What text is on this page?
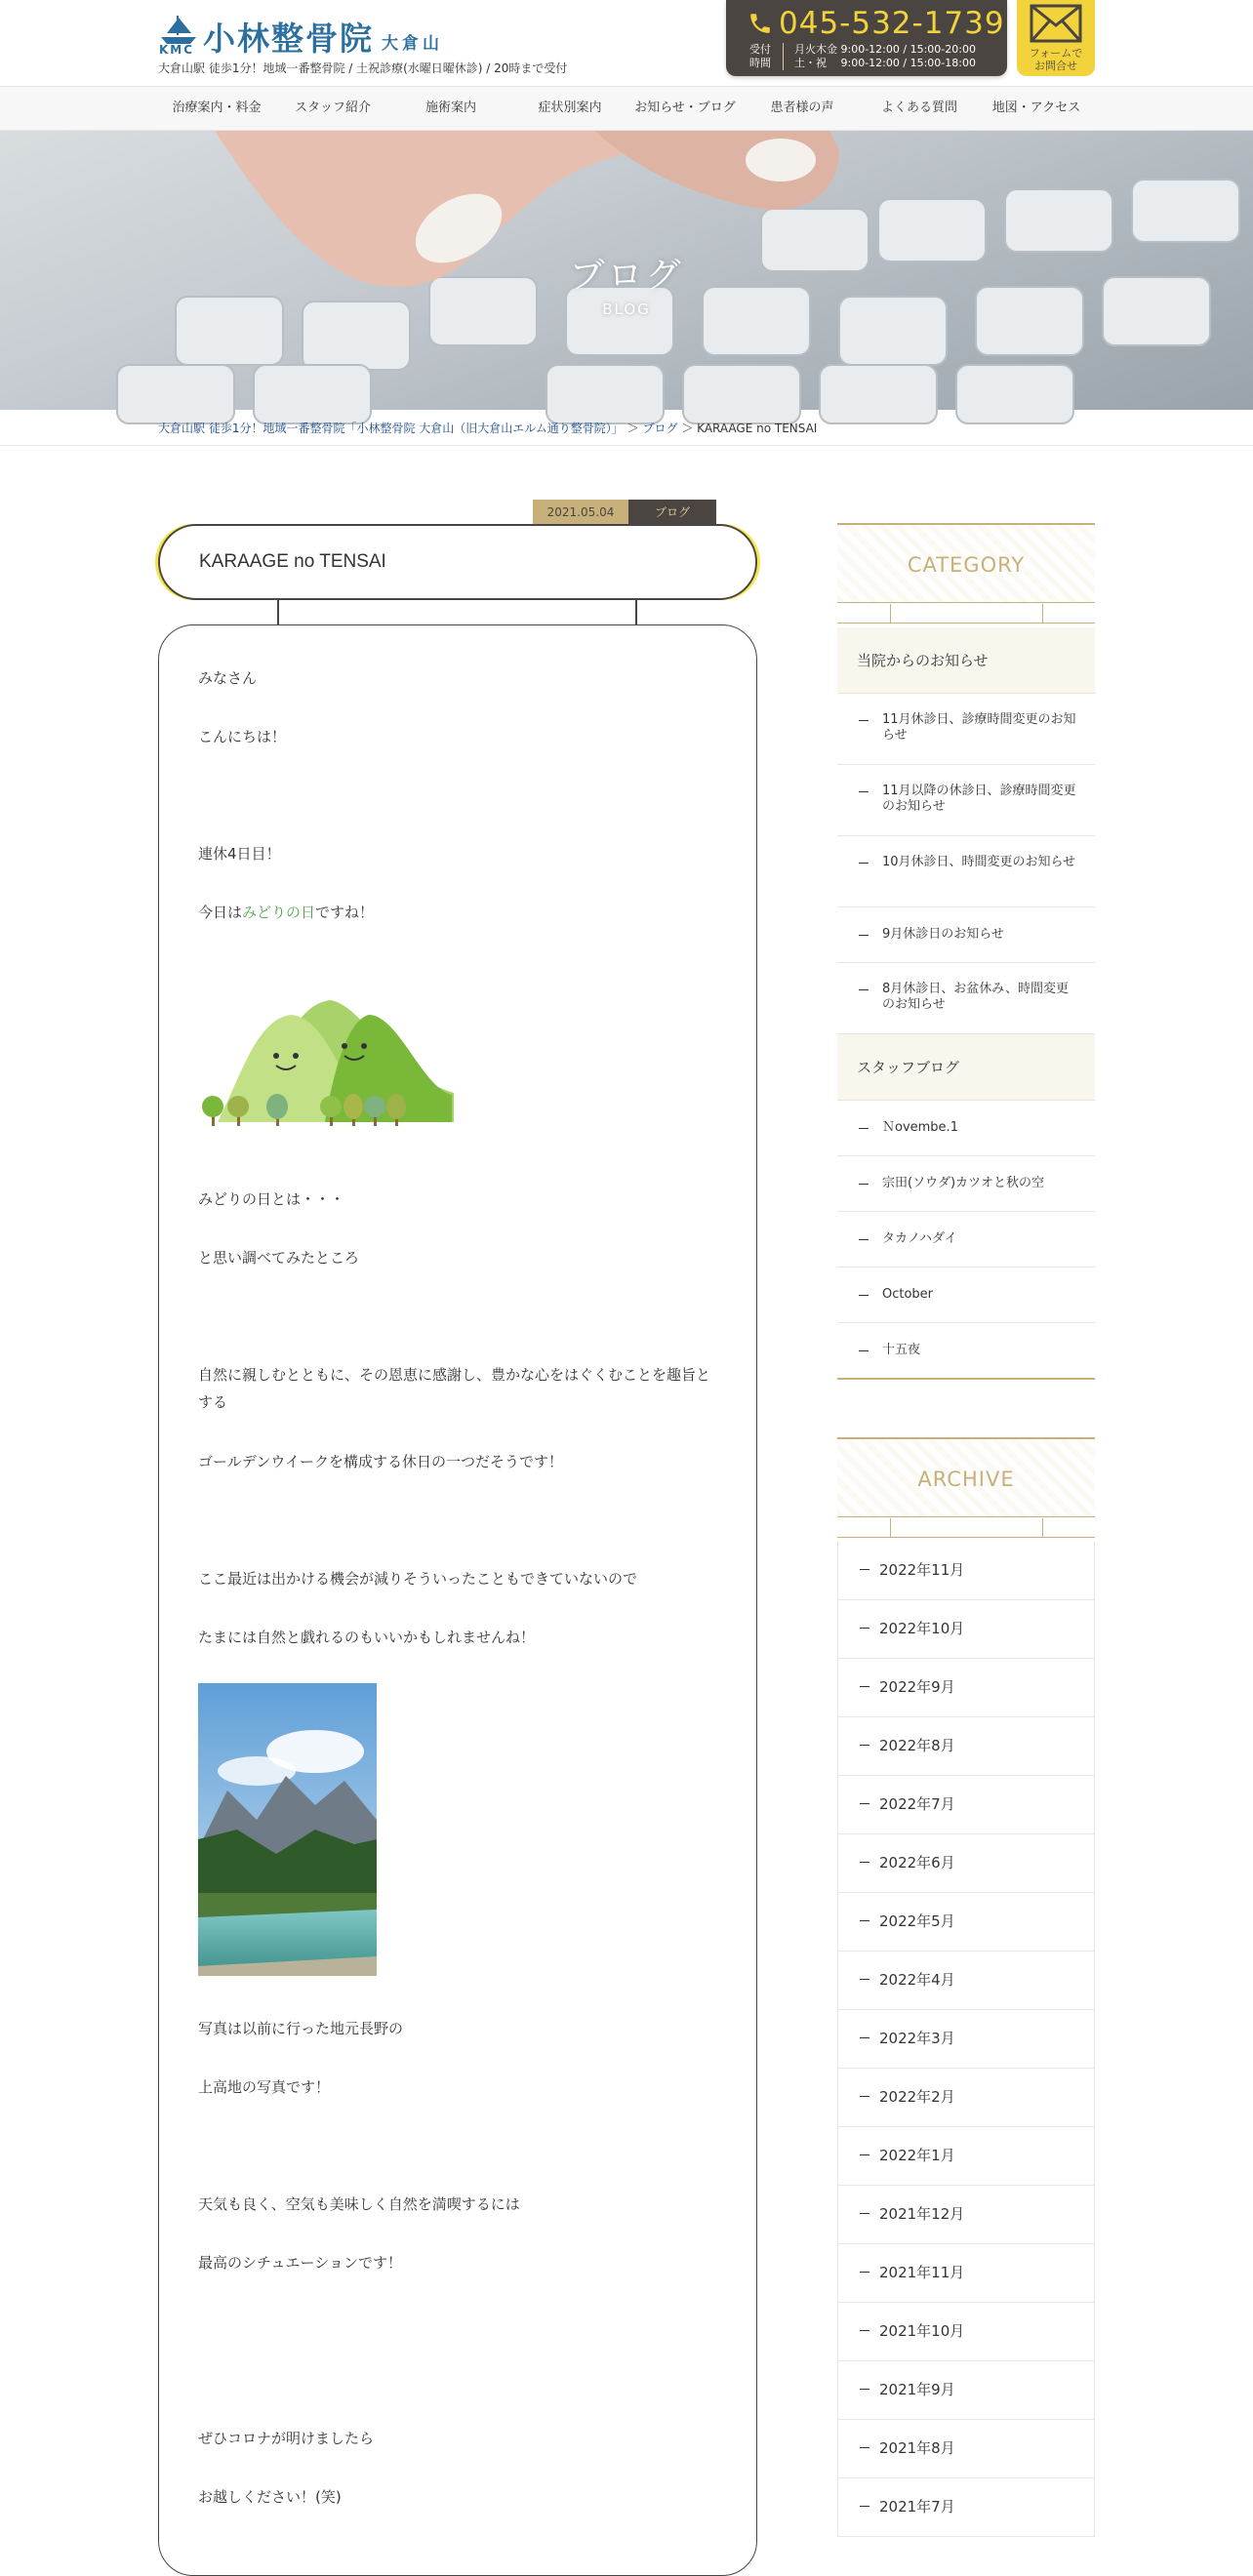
KMC 小林整骨院 大倉山
大倉山駅 徒歩1分！地域一番整骨院 / 土祝診療(水曜日曜休診) / 20時まで受付
045-532-1739
受付
時間
月火木金 9:00-12:00 / 15:00-20:00
土・祝　 9:00-12:00 / 15:00-18:00
フォームで
お問合せ
治療案内・料金	スタッフ紹介	施術案内	症状別案内	お知らせ・ブログ	患者様の声	よくある質問	地図・アクセス
ブログ
BLOG
大倉山駅 徒歩1分！地域一番整骨院「小林整骨院 大倉山（旧大倉山エルム通り整骨院）」 ＞ ブログ ＞ KARAAGE no TENSAI
2021.05.04	ブログ
KARAAGE no TENSAI
みなさん
こんにちは！
連休4日目！
今日はみどりの日ですね！
みどりの日とは・・・
と思い調べてみたところ
自然に親しむとともに、その恩恵に感謝し、豊かな心をはぐくむことを趣旨とする
ゴールデンウイークを構成する休日の一つだそうです！
ここ最近は出かける機会が減りそういったこともできていないので
たまには自然と戯れるのもいいかもしれませんね！
写真は以前に行った地元長野の
上高地の写真です！
天気も良く、空気も美味しく自然を満喫するには
最高のシチュエーションです！
ぜひコロナが明けましたら
お越しください！(笑)
CATEGORY
当院からのお知らせ
11月休診日、診療時間変更のお知らせ
11月以降の休診日、診療時間変更のお知らせ
10月休診日、時間変更のお知らせ
9月休診日のお知らせ
8月休診日、お盆休み、時間変更のお知らせ
スタッフブログ
Ｎovembe.1
宗田(ソウダ)カツオと秋の空
タカノハダイ
October
十五夜
ARCHIVE
2022年11月
2022年10月
2022年9月
2022年8月
2022年7月
2022年6月
2022年5月
2022年4月
2022年3月
2022年2月
2022年1月
2021年12月
2021年11月
2021年10月
2021年9月
2021年8月
2021年7月
